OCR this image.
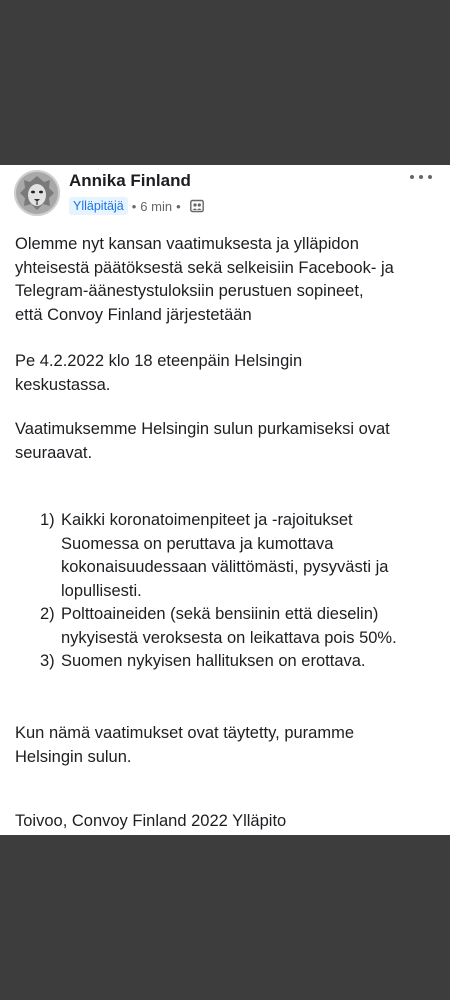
Annika Finland
Ylläpitäjä • 6 min •

Olemme nyt kansan vaatimuksesta ja ylläpidon
yhteisestä päätöksestä sekä selkeisiin Facebook- ja
Telegram-äänestystuloksiin perustuen sopineet,
että Convoy Finland järjestetään

Pe 4.2.2022 klo 18 eteenpäin Helsingin
keskustassa.

Vaatimuksemme Helsingin sulun purkamiseksi ovat
seuraavat.

1) Kaikki koronatoimenpiteet ja -rajoitukset
Suomessa on peruttava ja kumottava
kokonaisuudessaan välittömästi, pysyvästi ja
lopullisesti.
2) Polttoaineiden (sekä bensiinin että dieselin)
nykyisestä veroksesta on leikattava pois 50%.
3) Suomen nykyisen hallituksen on erottava.

Kun nämä vaatimukset ovat täytetty, puramme
Helsingin sulun.

Toivoo, Convoy Finland 2022 Ylläpito
